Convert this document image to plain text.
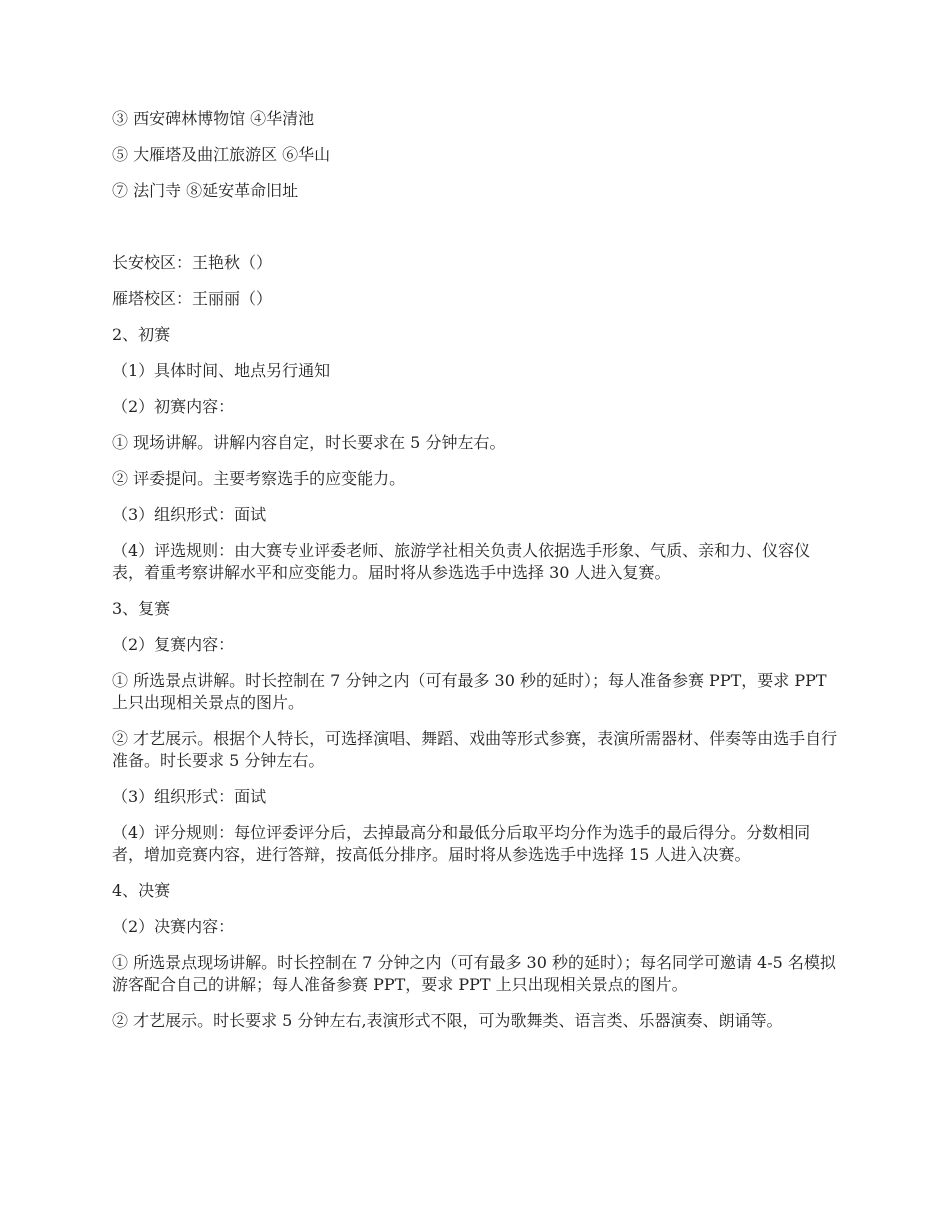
③ 西安碑林博物馆 ④华清池

⑤ 大雁塔及曲江旅游区 ⑥华山

⑦ 法门寺 ⑧延安革命旧址

长安校区：王艳秋（）

雁塔校区：王丽丽（）

2、初赛

（1）具体时间、地点另行通知

（2）初赛内容：

① 现场讲解。讲解内容自定，时长要求在 5 分钟左右。

② 评委提问。主要考察选手的应变能力。

（3）组织形式：面试

（4）评选规则：由大赛专业评委老师、旅游学社相关负责人依据选手形象、气质、亲和力、仪容仪表，着重考察讲解水平和应变能力。届时将从参选选手中选择 30 人进入复赛。

3、复赛

（2）复赛内容：

① 所选景点讲解。时长控制在 7 分钟之内（可有最多 30 秒的延时）；每人准备参赛 PPT，要求 PPT 上只出现相关景点的图片。

② 才艺展示。根据个人特长，可选择演唱、舞蹈、戏曲等形式参赛，表演所需器材、伴奏等由选手自行准备。时长要求 5 分钟左右。

（3）组织形式：面试

（4）评分规则：每位评委评分后，去掉最高分和最低分后取平均分作为选手的最后得分。分数相同者，增加竞赛内容，进行答辩，按高低分排序。届时将从参选选手中选择 15 人进入决赛。

4、决赛

（2）决赛内容：

① 所选景点现场讲解。时长控制在 7 分钟之内（可有最多 30 秒的延时）；每名同学可邀请 4-5 名模拟游客配合自己的讲解；每人准备参赛 PPT，要求 PPT 上只出现相关景点的图片。

② 才艺展示。时长要求 5 分钟左右,表演形式不限，可为歌舞类、语言类、乐器演奏、朗诵等。
